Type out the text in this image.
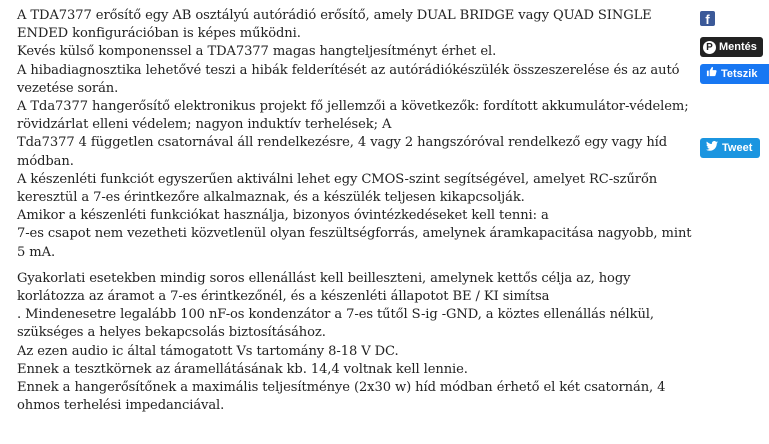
A TDA7377 erősítő egy AB osztályú autórádió erősítő, amely DUAL BRIDGE vagy QUAD SINGLE ENDED konfigurációban is képes működni.

Kevés külső komponenssel a TDA7377 magas hangteljesítményt érhet el.

A hibadiagnosztika lehetővé teszi a hibák felderítését az autórádiókészülék összeszerelése és az autó vezetése során.

A Tda7377 hangerősítő elektronikus projekt fő jellemzői a következők: fordított akkumulátor-védelem; rövidzárlat elleni védelem; nagyon induktív terhelések; A

Tda7377 4 független csatornával áll rendelkezésre, 4 vagy 2 hangszóróval rendelkező egy vagy híd módban.

A készenléti funkciót egyszerűen aktiválni lehet egy CMOS-szint segítségével, amelyet RC-szűrőn keresztül a 7-es érintkezőre alkalmaznak, és a készülék teljesen kikapcsolják.

Amikor a készenléti funkciókat használja, bizonyos óvintézkedéseket kell tenni: a

7-es csapot nem vezetheti közvetlenül olyan feszültségforrás, amelynek áramkapacitása nagyobb, mint 5 mA.

Gyakorlati esetekben mindig soros ellenállást kell beilleszteni, amelynek kettős célja az, hogy korlátozza az áramot a 7-es érintkezőnél, és a készenléti állapotot BE / KI simítsa

. Mindenesetre legalább 100 nF-os kondenzátor a 7-es tűtől S-ig -GND, a köztes ellenállás nélkül, szükséges a helyes bekapcsolás biztosításához.

Az ezen audio ic által támogatott Vs tartomány 8-18 V DC.

Ennek a tesztkörnek az áramellátásának kb. 14,4 voltnak kell lennie.

Ennek a hangerősítőnek a maximális teljesítménye (2x30 w) híd módban érhető el két csatornán, 4 ohmos terhelési impedanciával.

f
P Mentés
Tetszik
Tweet
